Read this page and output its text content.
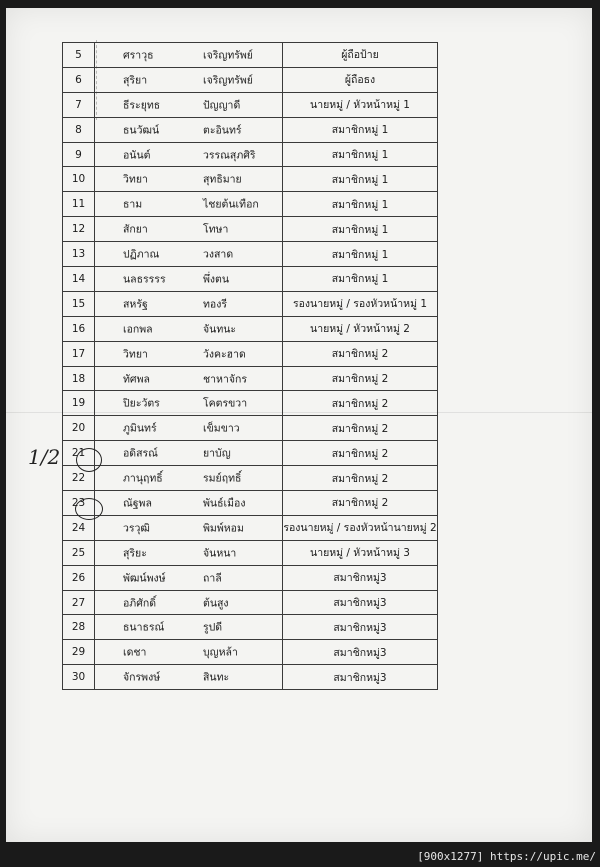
5	ศราวุธ เจริญทรัพย์	ผู้ถือป้าย
6	สุริยา เจริญทรัพย์	ผู้ถือธง
7	ธีระยุทธ ปัญญาดี	นายหมู่ / หัวหน้าหมู่ 1
8	ธนวัฒน์ ตะอินทร์	สมาชิกหมู่ 1
9	อนันต์ วรรณสุภศิริ	สมาชิกหมู่ 1
10	วิทยา สุทธิมาย	สมาชิกหมู่ 1
11	ธาม ไชยต้นเทือก	สมาชิกหมู่ 1
12	สักยา โทษา	สมาชิกหมู่ 1
13	ปฏิภาณ วงสาด	สมาชิกหมู่ 1
14	นลธรรรร พึ่งตน	สมาชิกหมู่ 1
15	สหรัฐ ทองรี	รองนายหมู่ / รองหัวหน้าหมู่ 1
16	เอกพล จันทนะ	นายหมู่ / หัวหน้าหมู่ 2
17	วิทยา วังคะฮาด	สมาชิกหมู่ 2
18	ทัศพล ชาหาจักร	สมาชิกหมู่ 2
19	ปิยะวัตร โคตรขวา	สมาชิกหมู่ 2
20	ภูมินทร์ เข็มขาว	สมาชิกหมู่ 2
21	อดิสรณ์ ยาบัญ	สมาชิกหมู่ 2
22	ภานุฤทธิ์ รมย์ฤทธิ์	สมาชิกหมู่ 2
23	ณัฐพล พันธ์เมือง	สมาชิกหมู่ 2
24	วรวุฒิ พิมพ์หอม	รองนายหมู่ / รองหัวหน้านายหมู่ 2
25	สุริยะ จันหนา	นายหมู่ / หัวหน้าหมู่ 3
26	พัฒน์พงษ์ ถาลี	สมาชิกหมู่3
27	อภิศักดิ์ ต้นสูง	สมาชิกหมู่3
28	ธนาธรณ์ รูปดี	สมาชิกหมู่3
29	เดชา บุญหล้า	สมาชิกหมู่3
30	จักรพงษ์ สินทะ	สมาชิกหมู่3
1/2
[900x1277] https://upic.me/
